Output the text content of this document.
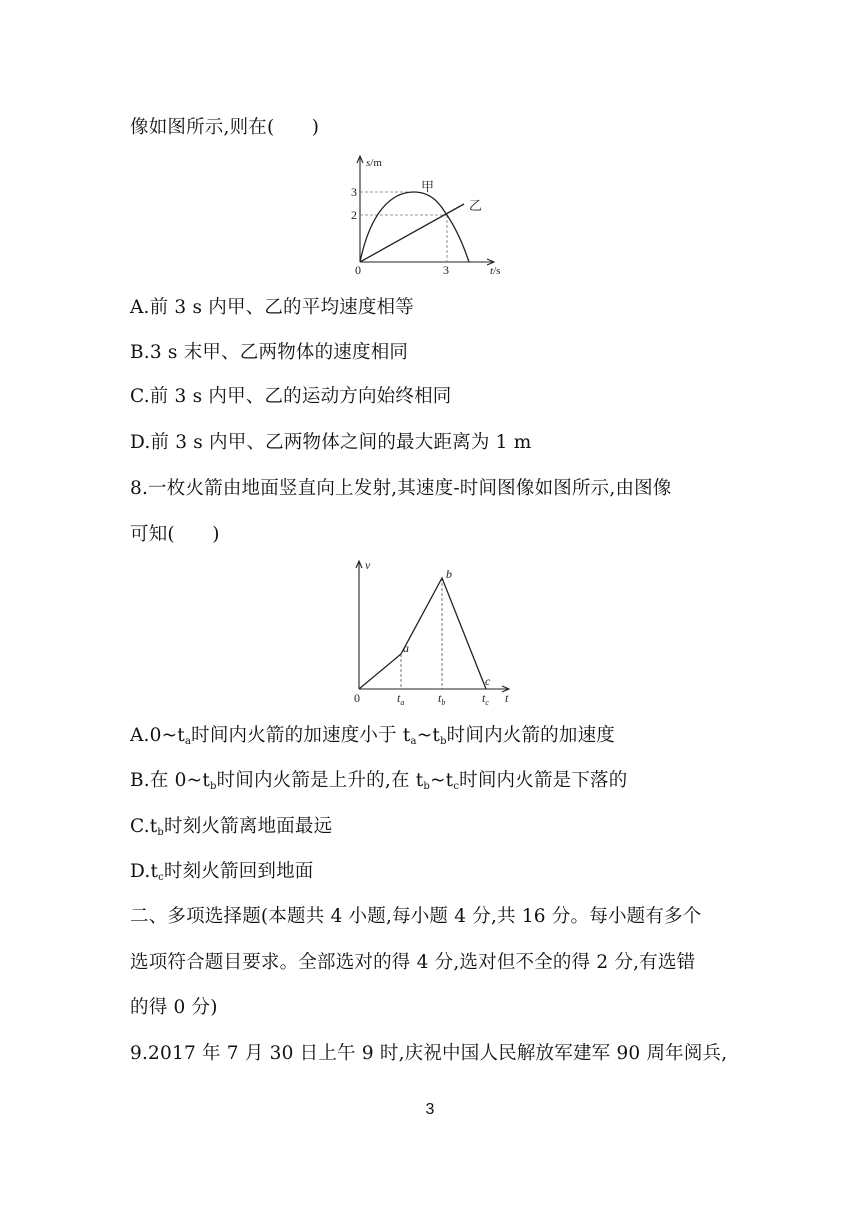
像如图所示,则在(　　)
s/m
3
2
0	3	t/s
甲
乙
A.前 3 s 内甲、乙的平均速度相等
B.3 s 末甲、乙两物体的速度相同
C.前 3 s 内甲、乙的运动方向始终相同
D.前 3 s 内甲、乙两物体之间的最大距离为 1 m
8.一枚火箭由地面竖直向上发射,其速度-时间图像如图所示,由图像
可知(　　)
v
a
b
c
0	$t_a$	$t_b$	$t_c$ t
$A.0\sim t_a$时间内火箭的加速度小于 $t_a\sim t_b$时间内火箭的加速度
B.在 $0\sim t_b$时间内火箭是上升的,在 $t_b\sim t_c$时间内火箭是下落的
$C.t_b$时刻火箭离地面最远
$D.t_c$时刻火箭回到地面
二、多项选择题(本题共 4 小题,每小题 4 分,共 16 分。每小题有多个
选项符合题目要求。全部选对的得 4 分,选对但不全的得 2 分,有选错
的得 0 分)
9.2017 年 7 月 30 日上午 9 时,庆祝中国人民解放军建军 90 周年阅兵,
3
